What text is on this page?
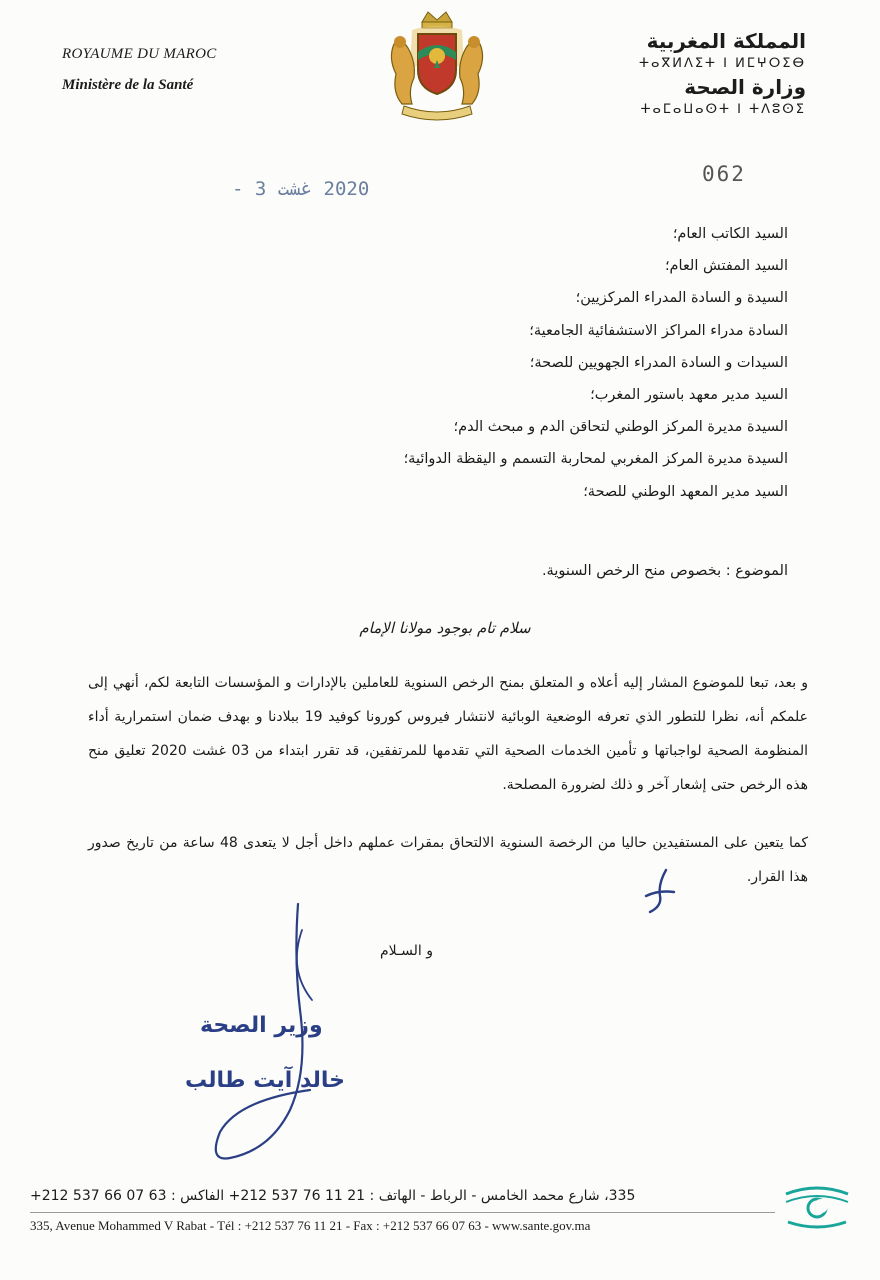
ROYAUME DU MAROC
Ministère de la Santé
المملكة المغربية
ⵜⴰⴳⵍⴷⵉⵜ ⵏ ⵍⵎⵖⵔⵉⴱ
وزارة الصحة
ⵜⴰⵎⴰⵡⴰⵙⵜ ⵏ ⵜⴷⵓⵙⵉ
062
2020 غشت 3 -
السيد الكاتب العام؛
السيد المفتش العام؛
السيدة و السادة المدراء المركزيين؛
السادة مدراء المراكز الاستشفائية الجامعية؛
السيدات و السادة المدراء الجهويين للصحة؛
السيد مدير معهد باستور المغرب؛
السيدة مديرة المركز الوطني لتحاقن الدم و مبحث الدم؛
السيدة مديرة المركز المغربي لمحاربة التسمم و اليقظة الدوائية؛
السيد مدير المعهد الوطني للصحة؛
الموضوع : بخصوص منح الرخص السنوية.
سلام تام بوجود مولانا الإمام
و بعد، تبعا للموضوع المشار إليه أعلاه و المتعلق بمنح الرخص السنوية للعاملين بالإدارات و المؤسسات التابعة لكم، أنهي إلى علمكم أنه، نظرا للتطور الذي تعرفه الوضعية الوبائية لانتشار فيروس كورونا كوفيد 19 ببلادنا و بهدف ضمان استمرارية أداء المنظومة الصحية لواجباتها و تأمين الخدمات الصحية التي تقدمها للمرتفقين، قد تقرر ابتداء من 03 غشت 2020 تعليق منح هذه الرخص حتى إشعار آخر و ذلك لضرورة المصلحة.
كما يتعين على المستفيدين حاليا من الرخصة السنوية الالتحاق بمقرات عملهم داخل أجل لا يتعدى 48 ساعة من تاريخ صدور هذا القرار.
و السـلام
وزير الصحة
خالد آيت طالب
335، شارع محمد الخامس - الرباط - الهاتف : 21 11 76 537 212+ الفاكس : 63 07 66 537 212+
335, Avenue Mohammed V Rabat - Tél : +212 537 76 11 21 - Fax : +212 537 66 07 63 - www.sante.gov.ma
